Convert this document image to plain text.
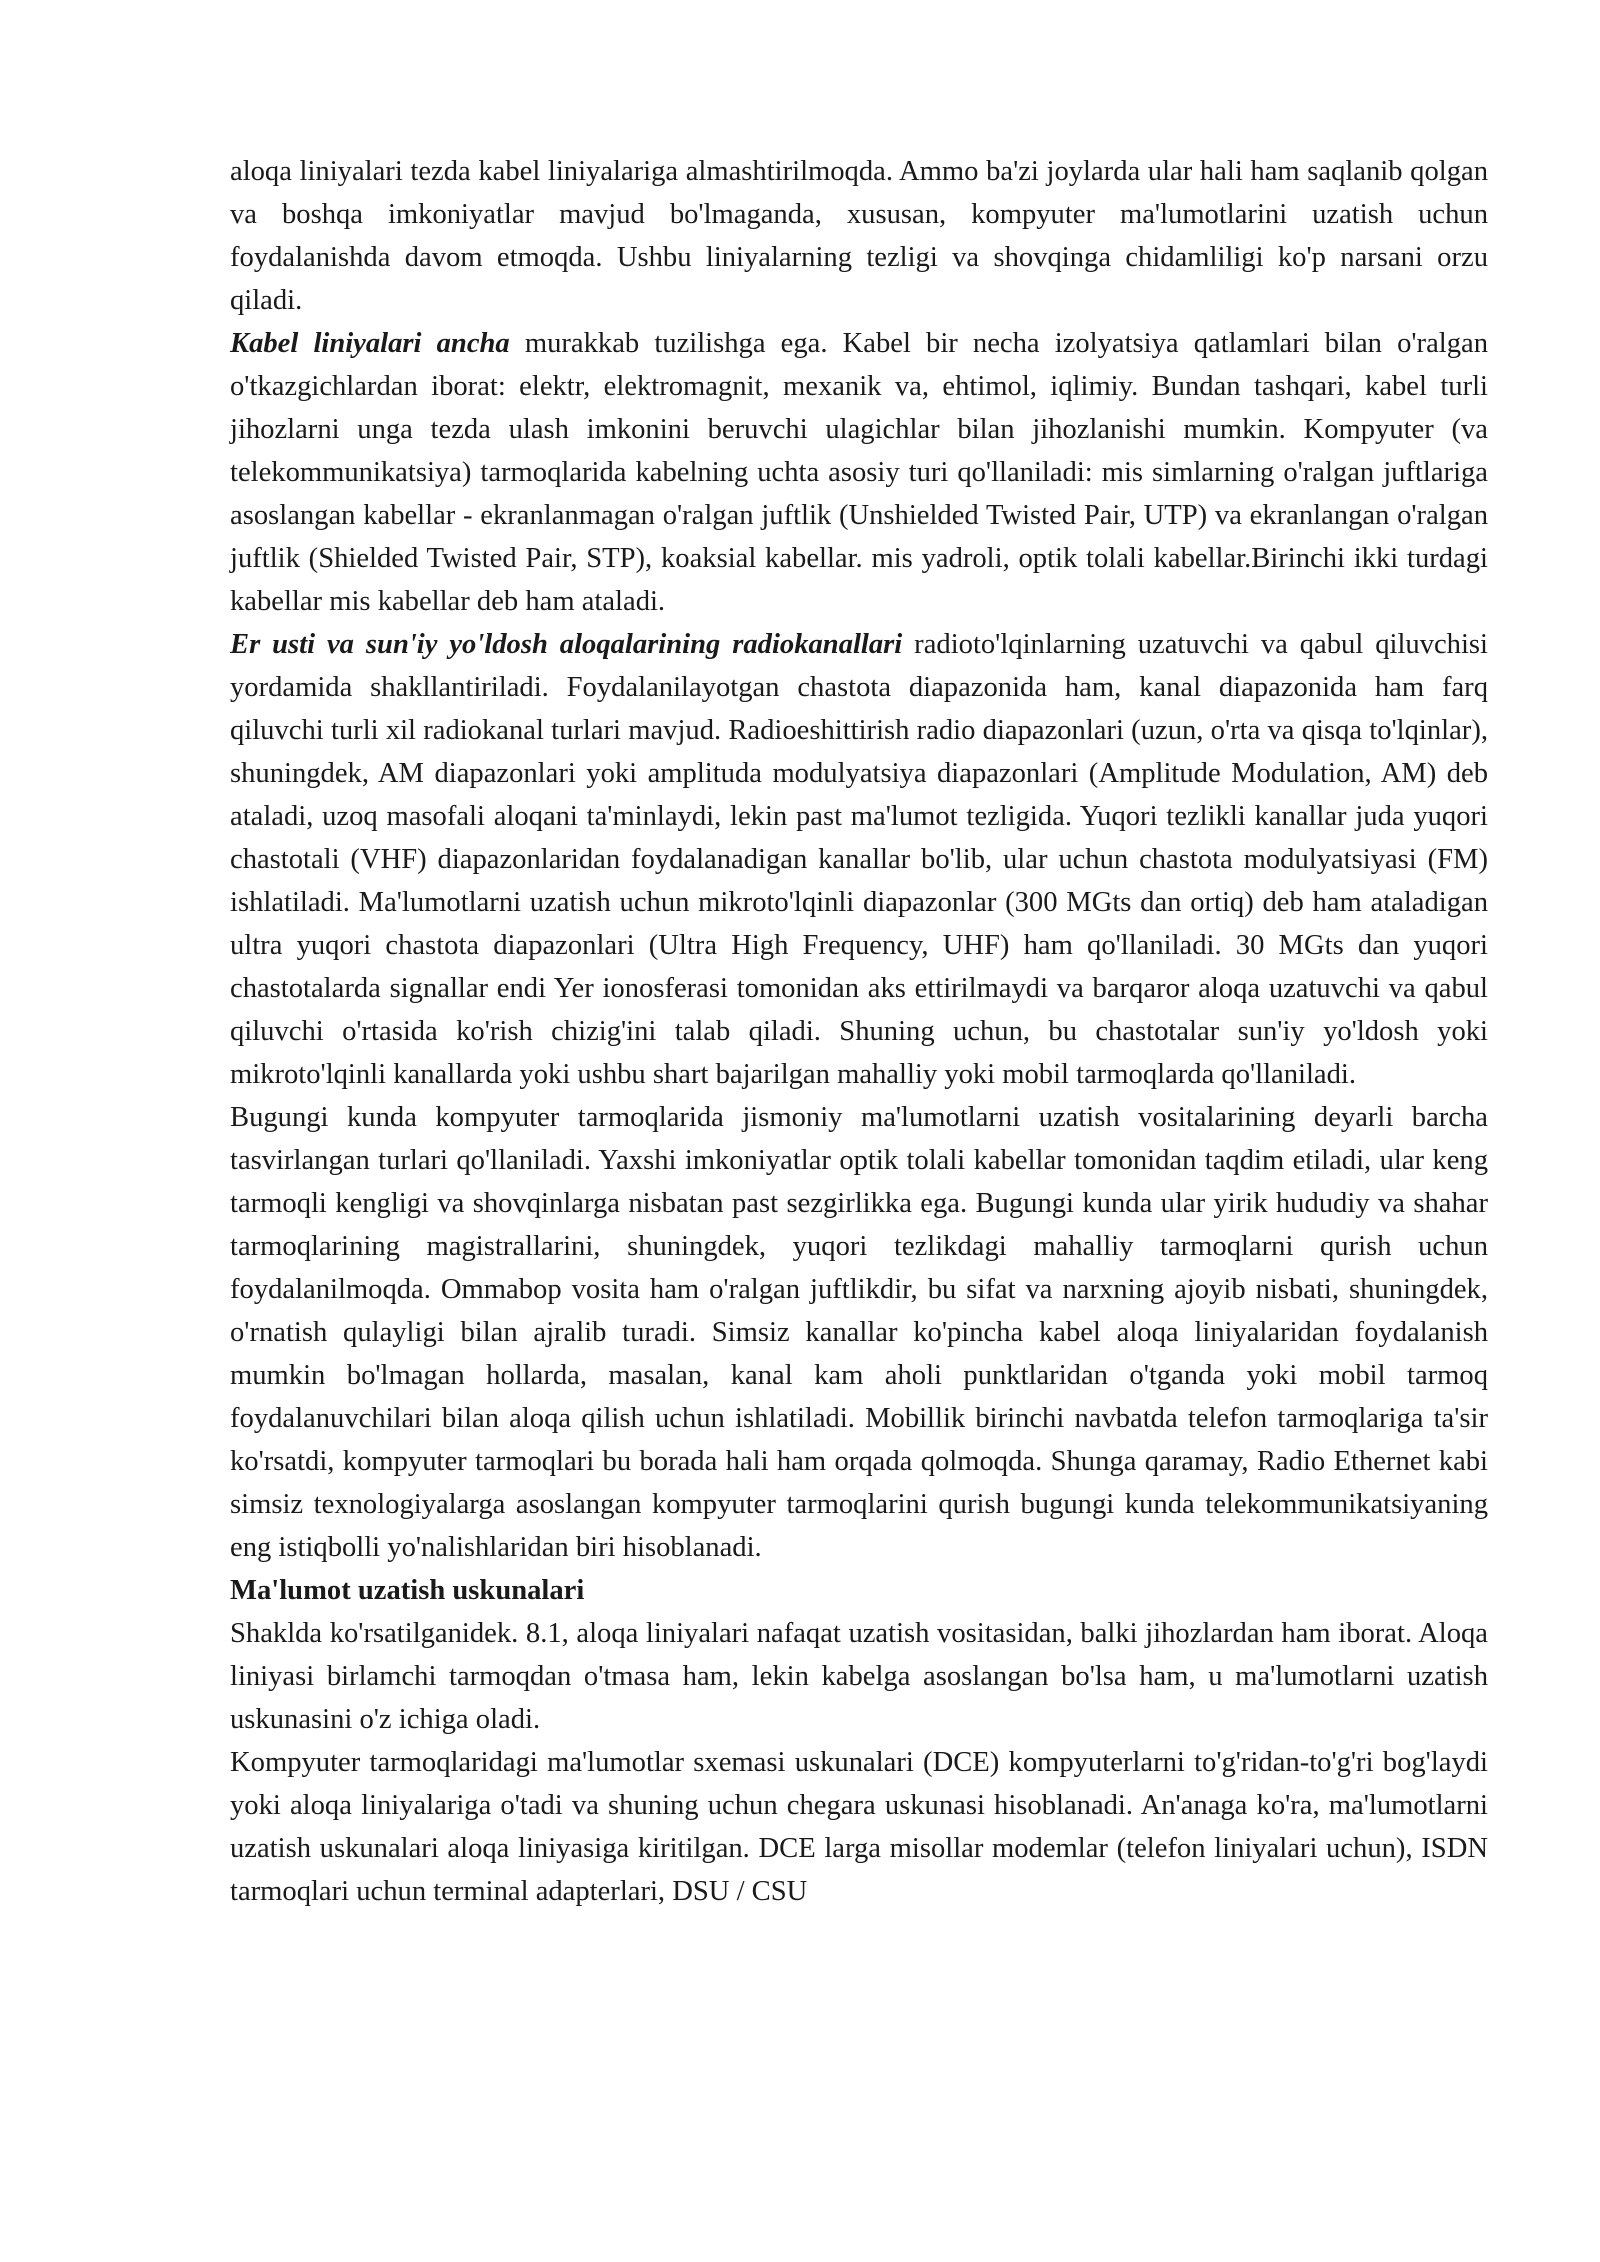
aloqa liniyalari tezda kabel liniyalariga almashtirilmoqda. Ammo ba'zi joylarda ular hali ham saqlanib qolgan va boshqa imkoniyatlar mavjud bo'lmaganda, xususan, kompyuter ma'lumotlarini uzatish uchun foydalanishda davom etmoqda. Ushbu liniyalarning tezligi va shovqinga chidamliligi ko'p narsani orzu qiladi.

Kabel liniyalari ancha murakkab tuzilishga ega. Kabel bir necha izolyatsiya qatlamlari bilan o'ralgan o'tkazgichlardan iborat: elektr, elektromagnit, mexanik va, ehtimol, iqlimiy. Bundan tashqari, kabel turli jihozlarni unga tezda ulash imkonini beruvchi ulagichlar bilan jihozlanishi mumkin. Kompyuter (va telekommunikatsiya) tarmoqlarida kabelning uchta asosiy turi qo'llaniladi: mis simlarning o'ralgan juftlariga asoslangan kabellar - ekranlanmagan o'ralgan juftlik (Unshielded Twisted Pair, UTP) va ekranlangan o'ralgan juftlik (Shielded Twisted Pair, STP), koaksial kabellar. mis yadroli, optik tolali kabellar.Birinchi ikki turdagi kabellar mis kabellar deb ham ataladi.

Er usti va sun'iy yo'ldosh aloqalarining radiokanallari radioto'lqinlarning uzatuvchi va qabul qiluvchisi yordamida shakllantiriladi. Foydalanilayotgan chastota diapazonida ham, kanal diapazonida ham farq qiluvchi turli xil radiokanal turlari mavjud. Radioeshittirish radio diapazonlari (uzun, o'rta va qisqa to'lqinlar), shuningdek, AM diapazonlari yoki amplituda modulyatsiya diapazonlari (Amplitude Modulation, AM) deb ataladi, uzoq masofali aloqani ta'minlaydi, lekin past ma'lumot tezligida. Yuqori tezlikli kanallar juda yuqori chastotali (VHF) diapazonlaridan foydalanadigan kanallar bo'lib, ular uchun chastota modulyatsiyasi (FM) ishlatiladi. Ma'lumotlarni uzatish uchun mikroto'lqinli diapazonlar (300 MGts dan ortiq) deb ham ataladigan ultra yuqori chastota diapazonlari (Ultra High Frequency, UHF) ham qo'llaniladi. 30 MGts dan yuqori chastotalarda signallar endi Yer ionosferasi tomonidan aks ettirilmaydi va barqaror aloqa uzatuvchi va qabul qiluvchi o'rtasida ko'rish chizig'ini talab qiladi. Shuning uchun, bu chastotalar sun'iy yo'ldosh yoki mikroto'lqinli kanallarda yoki ushbu shart bajarilgan mahalliy yoki mobil tarmoqlarda qo'llaniladi.

Bugungi kunda kompyuter tarmoqlarida jismoniy ma'lumotlarni uzatish vositalarining deyarli barcha tasvirlangan turlari qo'llaniladi. Yaxshi imkoniyatlar optik tolali kabellar tomonidan taqdim etiladi, ular keng tarmoqli kengligi va shovqinlarga nisbatan past sezgirlikka ega. Bugungi kunda ular yirik hududiy va shahar tarmoqlarining magistrallarini, shuningdek, yuqori tezlikdagi mahalliy tarmoqlarni qurish uchun foydalanilmoqda. Ommabop vosita ham o'ralgan juftlikdir, bu sifat va narxning ajoyib nisbati, shuningdek, o'rnatish qulayligi bilan ajralib turadi. Simsiz kanallar ko'pincha kabel aloqa liniyalaridan foydalanish mumkin bo'lmagan hollarda, masalan, kanal kam aholi punktlaridan o'tganda yoki mobil tarmoq foydalanuvchilari bilan aloqa qilish uchun ishlatiladi. Mobillik birinchi navbatda telefon tarmoqlariga ta'sir ko'rsatdi, kompyuter tarmoqlari bu borada hali ham orqada qolmoqda. Shunga qaramay, Radio Ethernet kabi simsiz texnologiyalarga asoslangan kompyuter tarmoqlarini qurish bugungi kunda telekommunikatsiyaning eng istiqbolli yo'nalishlaridan biri hisoblanadi.

Ma'lumot uzatish uskunalari

Shaklda ko'rsatilganidek. 8.1, aloqa liniyalari nafaqat uzatish vositasidan, balki jihozlardan ham iborat. Aloqa liniyasi birlamchi tarmoqdan o'tmasa ham, lekin kabelga asoslangan bo'lsa ham, u ma'lumotlarni uzatish uskunasini o'z ichiga oladi.

Kompyuter tarmoqlaridagi ma'lumotlar sxemasi uskunalari (DCE) kompyuterlarni to'g'ridan-to'g'ri bog'laydi yoki aloqa liniyalariga o'tadi va shuning uchun chegara uskunasi hisoblanadi. An'anaga ko'ra, ma'lumotlarni uzatish uskunalari aloqa liniyasiga kiritilgan. DCE larga misollar modemlar (telefon liniyalari uchun), ISDN tarmoqlari uchun terminal adapterlari, DSU / CSU
